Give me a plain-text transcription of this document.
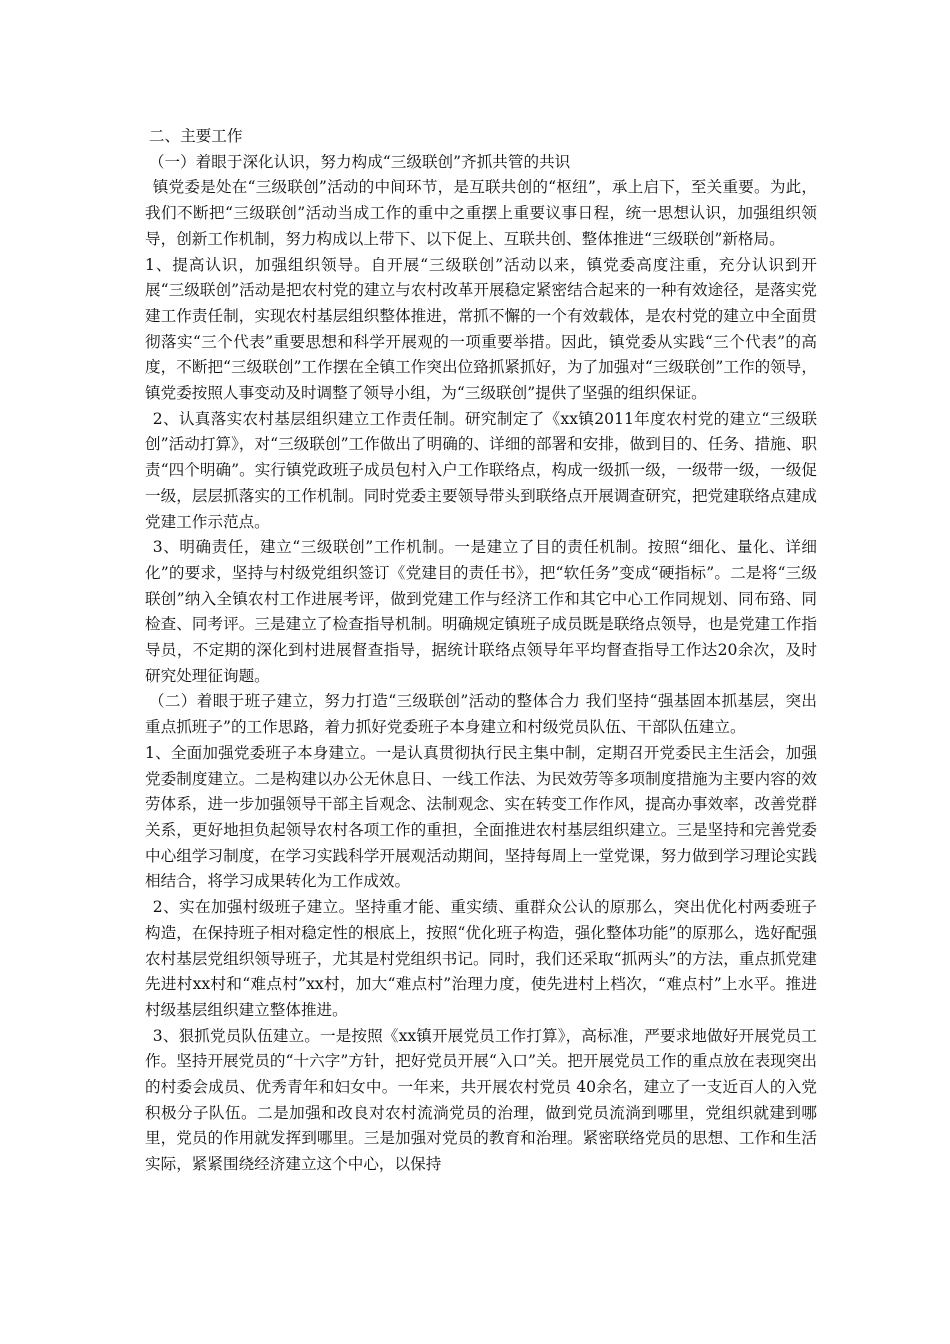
二、主要工作

（一）着眼于深化认识，努力构成“三级联创”齐抓共管的共识

镇党委是处在“三级联创”活动的中间环节，是互联共创的“枢纽”，承上启下，至关重要。为此，我们不断把“三级联创”活动当成工作的重中之重摆上重要议事日程，统一思想认识，加强组织领导，创新工作机制，努力构成以上带下、以下促上、互联共创、整体推进“三级联创”新格局。

1、提高认识，加强组织领导。自开展“三级联创”活动以来，镇党委高度注重，充分认识到开展“三级联创”活动是把农村党的建立与农村改革开展稳定紧密结合起来的一种有效途径，是落实党建工作责任制，实现农村基层组织整体推进，常抓不懈的一个有效载体，是农村党的建立中全面贯彻落实“三个代表”重要思想和科学开展观的一项重要举措。因此，镇党委从实践“三个代表”的高度，不断把“三级联创”工作摆在全镇工作突出位臵抓紧抓好，为了加强对“三级联创”工作的领导，镇党委按照人事变动及时调整了领导小组，为“三级联创”提供了坚强的组织保证。

2、认真落实农村基层组织建立工作责任制。研究制定了《xx镇2011年度农村党的建立“三级联创”活动打算》，对“三级联创”工作做出了明确的、详细的部署和安排，做到目的、任务、措施、职责“四个明确”。实行镇党政班子成员包村入户工作联络点，构成一级抓一级，一级带一级，一级促一级，层层抓落实的工作机制。同时党委主要领导带头到联络点开展调查研究，把党建联络点建成党建工作示范点。

3、明确责任，建立“三级联创”工作机制。一是建立了目的责任机制。按照“细化、量化、详细化”的要求，坚持与村级党组织签订《党建目的责任书》，把“软任务”变成“硬指标”。二是将“三级联创”纳入全镇农村工作进展考评，做到党建工作与经济工作和其它中心工作同规划、同布臵、同检查、同考评。三是建立了检查指导机制。明确规定镇班子成员既是联络点领导，也是党建工作指导员，不定期的深化到村进展督查指导，据统计联络点领导年平均督查指导工作达20余次，及时研究处理征询题。

（二）着眼于班子建立，努力打造“三级联创”活动的整体合力 我们坚持“强基固本抓基层，突出重点抓班子”的工作思路，着力抓好党委班子本身建立和村级党员队伍、干部队伍建立。

1、全面加强党委班子本身建立。一是认真贯彻执行民主集中制，定期召开党委民主生活会，加强党委制度建立。二是构建以办公无休息日、一线工作法、为民效劳等多项制度措施为主要内容的效劳体系，进一步加强领导干部主旨观念、法制观念、实在转变工作作风，提高办事效率，改善党群关系，更好地担负起领导农村各项工作的重担，全面推进农村基层组织建立。三是坚持和完善党委中心组学习制度，在学习实践科学开展观活动期间，坚持每周上一堂党课，努力做到学习理论实践相结合，将学习成果转化为工作成效。

2、实在加强村级班子建立。坚持重才能、重实绩、重群众公认的原那么，突出优化村两委班子构造，在保持班子相对稳定性的根底上，按照“优化班子构造，强化整体功能”的原那么，选好配强农村基层党组织领导班子，尤其是村党组织书记。同时，我们还采取“抓两头”的方法，重点抓党建先进村xx村和“难点村”xx村，加大“难点村”治理力度，使先进村上档次，“难点村”上水平。推进村级基层组织建立整体推进。

3、狠抓党员队伍建立。一是按照《xx镇开展党员工作打算》，高标准，严要求地做好开展党员工作。坚持开展党员的“十六字”方针，把好党员开展“入口”关。把开展党员工作的重点放在表现突出的村委会成员、优秀青年和妇女中。一年来，共开展农村党员 40余名，建立了一支近百人的入党积极分子队伍。二是加强和改良对农村流淌党员的治理，做到党员流淌到哪里，党组织就建到哪里，党员的作用就发挥到哪里。三是加强对党员的教育和治理。紧密联络党员的思想、工作和生活实际，紧紧围绕经济建立这个中心，以保持
